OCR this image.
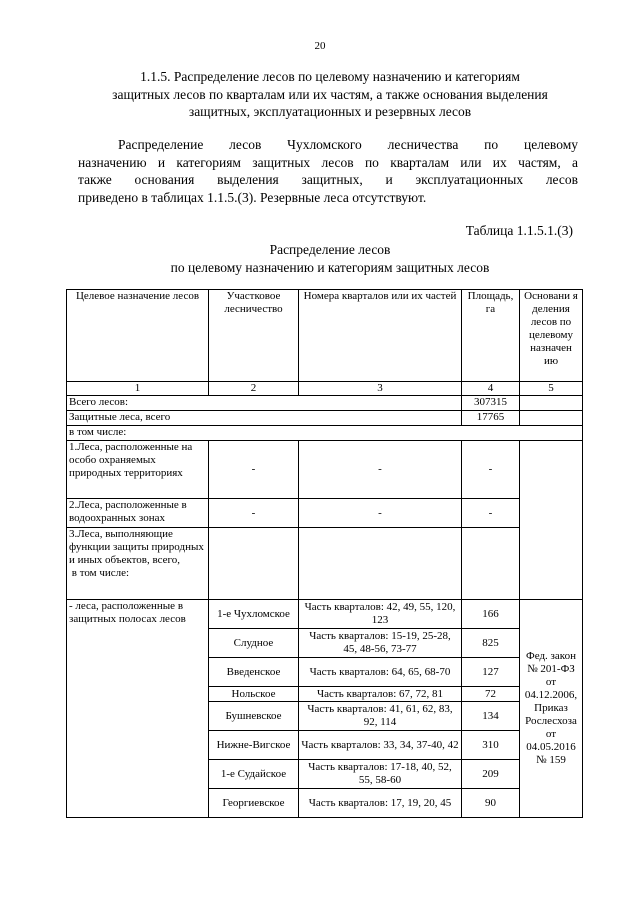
20
1.1.5. Распределение лесов по целевому назначению и категориям
защитных лесов по кварталам или их частям, а также основания выделения
защитных, эксплуатационных и резервных лесов
Распределение лесов Чухломского лесничества по целевому
назначению и категориям защитных лесов по кварталам или их частям, а
также основания выделения защитных, и эксплуатационных лесов
приведено в таблицах 1.1.5.(3). Резервные леса отсутствуют.
Таблица 1.1.5.1.(3)
Распределение лесов
по целевому назначению и категориям защитных лесов
Целевое назначение лесов	Участковое лесничество	Номера кварталов или их частей	Площадь, га	Основани я деления лесов по целевому назначен ию
1	2	3	4	5
Всего лесов:			307315	
Защитные леса, всего			17765	
в том числе:				
1.Леса, расположенные на особо охраняемых природных территориях	-	-	-	
2.Леса, расположенные в водоохранных зонах	-	-	-	
3.Леса, выполняющие функции защиты природных и иных объектов, всего,
в том числе:				
- леса, расположенные в защитных полосах лесов	1-е Чухломское	Часть кварталов: 42, 49, 55, 120, 123	166	Фед. закон № 201-ФЗ от 04.12.2006, Приказ Рослесхоза от 04.05.2016 № 159
	Слудное	Часть кварталов: 15-19, 25-28, 45, 48-56, 73-77	825	
	Введенское	Часть кварталов: 64, 65, 68-70	127	
	Нольское	Часть кварталов: 67, 72, 81	72	
	Бушневское	Часть кварталов: 41, 61, 62, 83, 92, 114	134	
	Нижне-Вигское	Часть кварталов: 33, 34, 37-40, 42	310	
	1-е Судайское	Часть кварталов: 17-18, 40, 52, 55, 58-60	209	
	Георгиевское	Часть кварталов: 17, 19, 20, 45	90	
